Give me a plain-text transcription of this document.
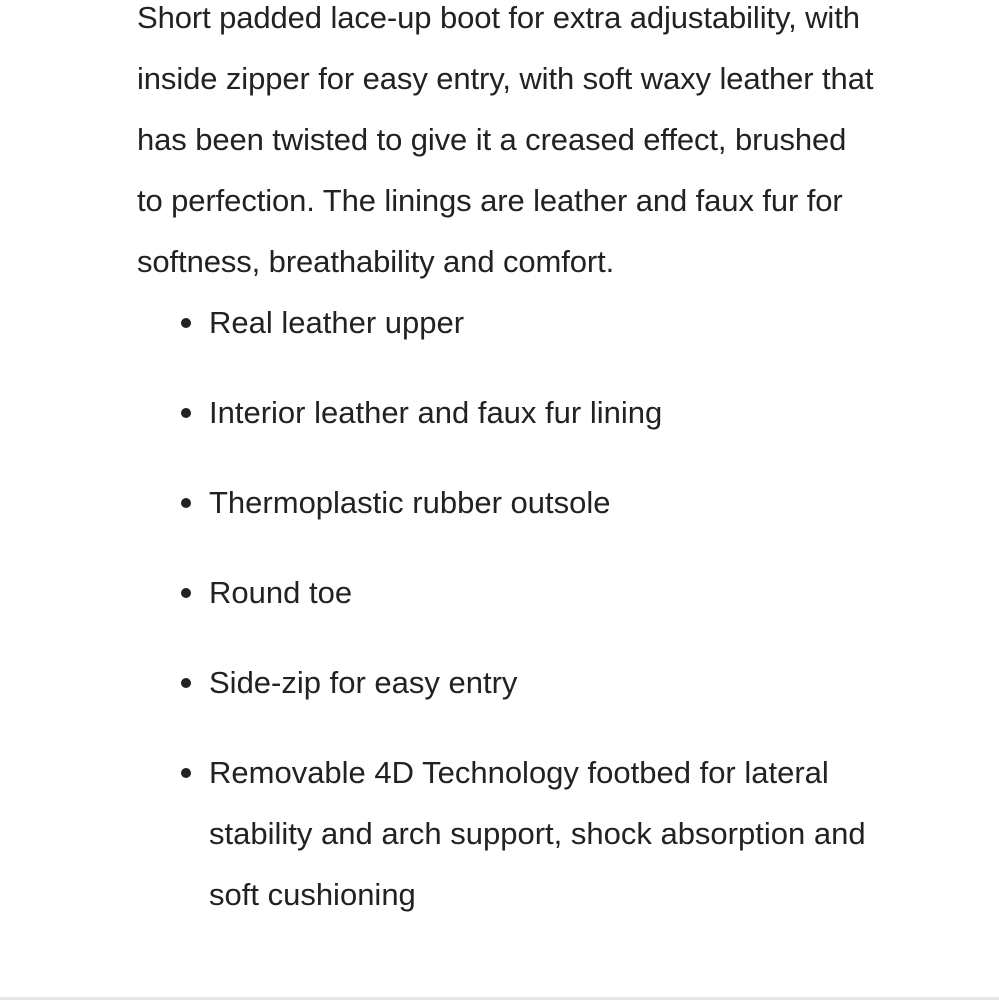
Short padded lace-up boot for extra adjustability, with inside zipper for easy entry, with soft waxy leather that has been twisted to give it a creased effect, brushed to perfection. The linings are leather and faux fur for softness, breathability and comfort.

Real leather upper
Interior leather and faux fur lining
Thermoplastic rubber outsole
Round toe
Side-zip for easy entry
Removable 4D Technology footbed for lateral stability and arch support, shock absorption and soft cushioning
